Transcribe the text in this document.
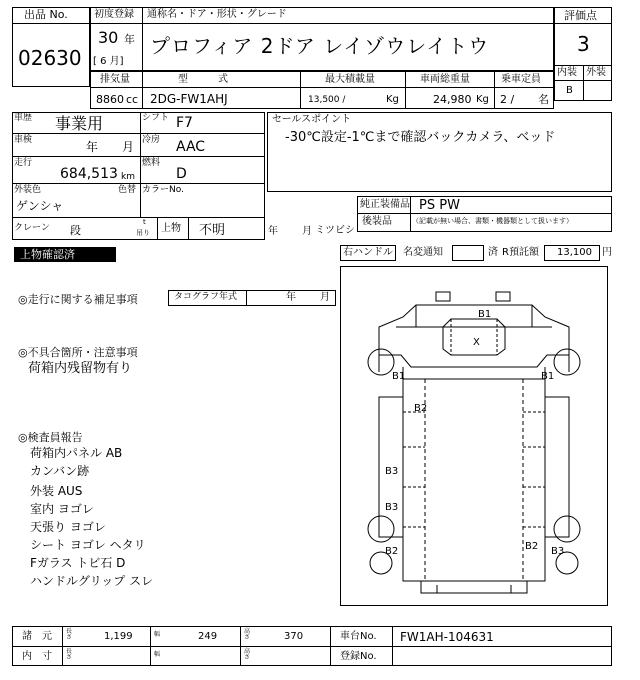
出品 No.
02630
初度登録 通称名・ドア・形状・グレード
30 年
[ 6 月]
プロフィア 2ドア レイゾウレイトウ
評価点
3
内装 外装
B
排気量	型　　　式	最大積載量	車両総重量	乗車定員
8860 cc 2DG-FW1AHJ	13,500 /	Kg	24,980 Kg 2 / 名
車歴 事業用	シフト F7
車検	年 月 冷房 AAC
走行
684,513 km
燃料
D
外装色
ゲンシャ
色替 カラーNo.
クレーン 段
t
吊り 上物 不明	年 月 ミツビシ
セールスポイント
-30℃設定-1℃まで確認バックカメラ、ベッド
純正装備品 PS PW
後装品	（記載が無い場合、書類・機器類として扱います）
上物確認済	右ハンドル	名変通知	済 R預託額 13,100 円
◎走行に関する補足事項	タコグラフ年式	年 月
◎不具合箇所・注意事項
荷箱内残留物有り
◎検査員報告
荷箱内パネル AB
カンバン跡
外装 AUS
室内 ヨゴレ
天張り ヨゴレ
シート ヨゴレ ヘタリ
Fガラス トビ石 D
ハンドルグリップ スレ
B1
X
B1	B1
B2
B3
B3
B2	B2 B3
諸　元 長さ	1,199	幅	249	高さ	370	車台No. FW1AH-104631
内　寸 長さ	幅	高さ	登録No.
